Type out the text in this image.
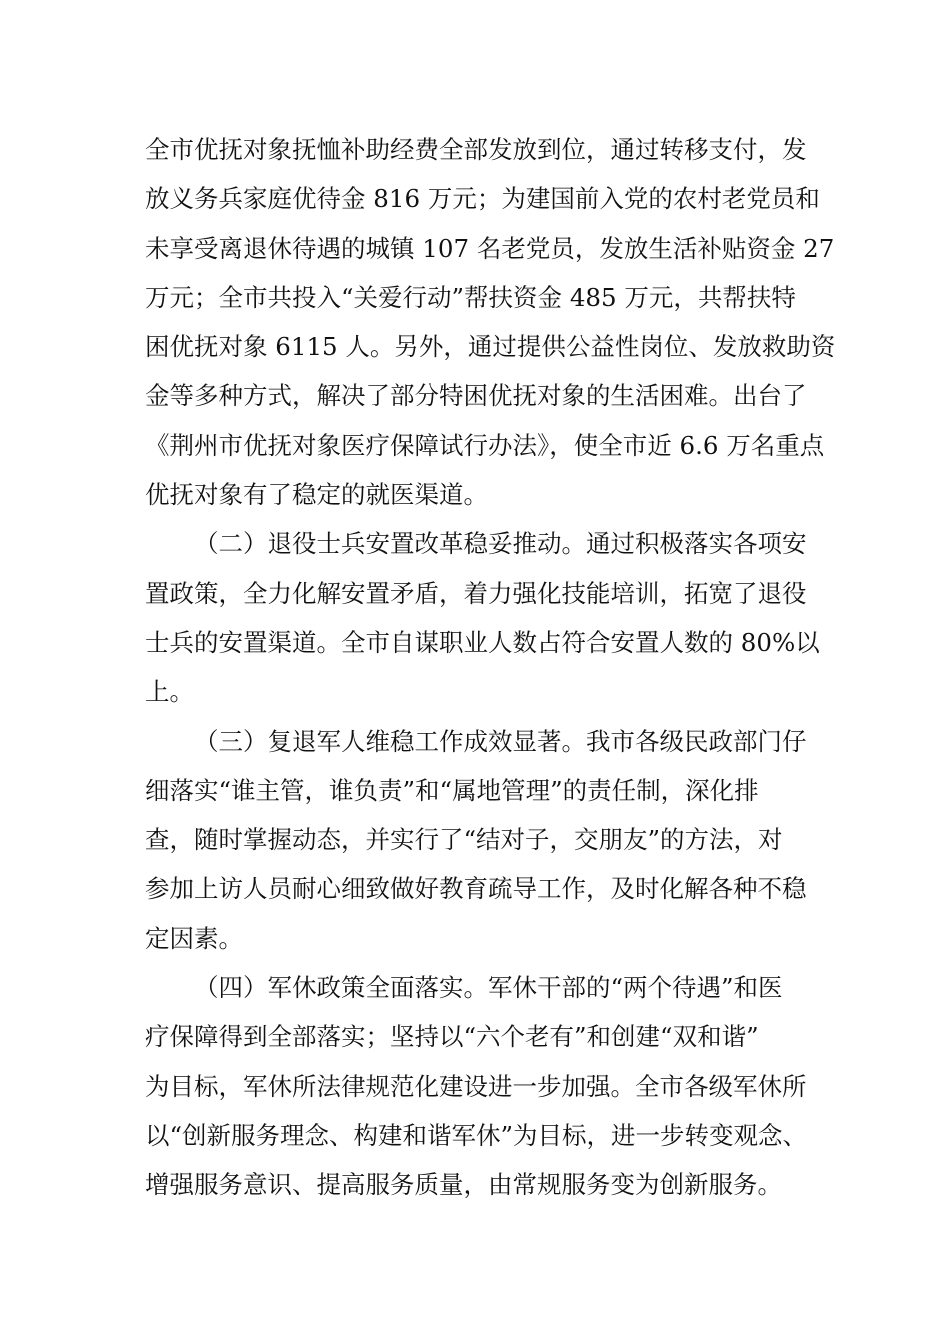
全市优抚对象抚恤补助经费全部发放到位，通过转移支付，发
放义务兵家庭优待金 816 万元；为建国前入党的农村老党员和
未享受离退休待遇的城镇 107 名老党员，发放生活补贴资金 27
万元；全市共投入“关爱行动”帮扶资金 485 万元，共帮扶特
困优抚对象 6115 人。另外，通过提供公益性岗位、发放救助资
金等多种方式，解决了部分特困优抚对象的生活困难。出台了
《荆州市优抚对象医疗保障试行办法》，使全市近 6.6 万名重点
优抚对象有了稳定的就医渠道。
（二）退役士兵安置改革稳妥推动。通过积极落实各项安
置政策，全力化解安置矛盾，着力强化技能培训，拓宽了退役
士兵的安置渠道。全市自谋职业人数占符合安置人数的 80%以
上。
（三）复退军人维稳工作成效显著。我市各级民政部门仔
细落实“谁主管，谁负责”和“属地管理”的责任制，深化排
查，随时掌握动态，并实行了“结对子，交朋友”的方法，对
参加上访人员耐心细致做好教育疏导工作，及时化解各种不稳
定因素。
（四）军休政策全面落实。军休干部的“两个待遇”和医
疗保障得到全部落实；坚持以“六个老有”和创建“双和谐”
为目标，军休所法律规范化建设进一步加强。全市各级军休所
以“创新服务理念、构建和谐军休”为目标，进一步转变观念、
增强服务意识、提高服务质量，由常规服务变为创新服务。
